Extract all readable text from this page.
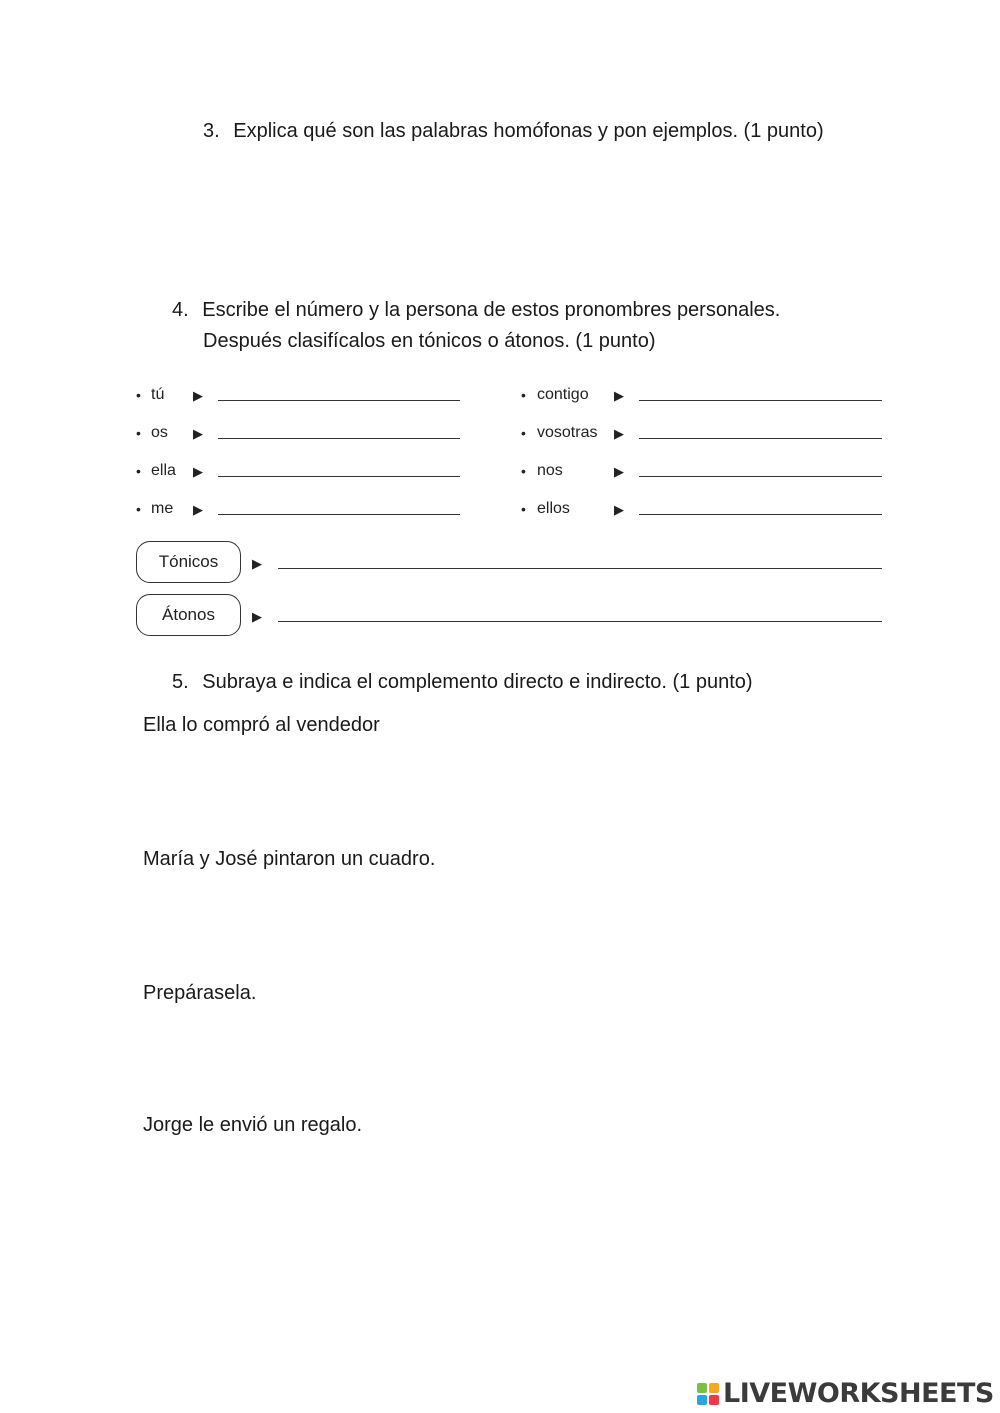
3. Explica qué son las palabras homófonas y pon ejemplos. (1 punto)
4. Escribe el número y la persona de estos pronombres personales.
Después clasifícalos en tónicos o átonos. (1 punto)
• tú ▶
• os ▶
• ella ▶
• me ▶
• contigo ▶
• vosotras ▶
• nos	▶
• ellos	▶
Tónicos	▶
Átonos	▶
5. Subraya e indica el complemento directo e indirecto. (1 punto)
Ella lo compró al vendedor
María y José pintaron un cuadro.
Prepárasela.
Jorge le envió un regalo.
LIVEWORKSHEETS
